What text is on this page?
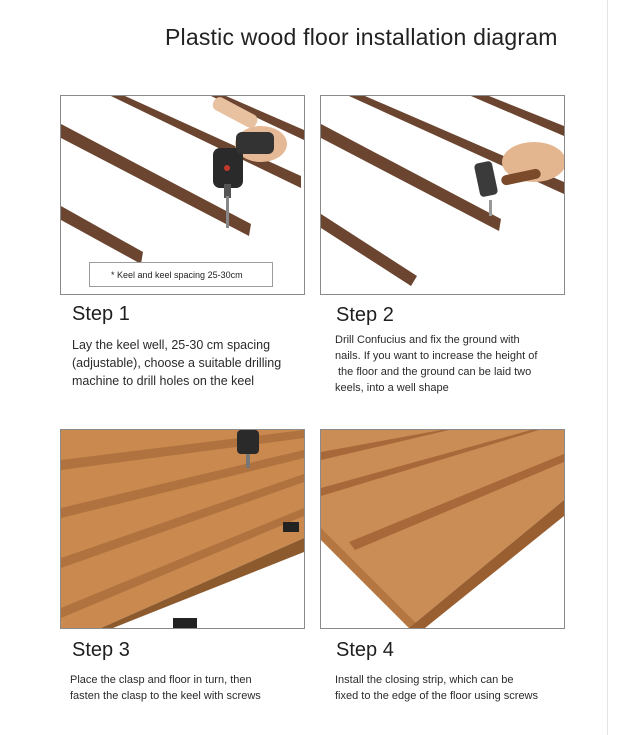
Plastic wood floor installation diagram
* Keel and keel spacing 25-30cm
Step 1
Lay the keel well, 25-30 cm spacing
(adjustable), choose a suitable drilling
machine to drill holes on the keel
Step 2
Drill Confucius and fix the ground with
nails. If you want to increase the height of
the floor and the ground can be laid two
keels, into a well shape
Step 3
Place the clasp and floor in turn, then
fasten the clasp to the keel with screws
Step 4
Install the closing strip, which can be
fixed to the edge of the floor using screws
